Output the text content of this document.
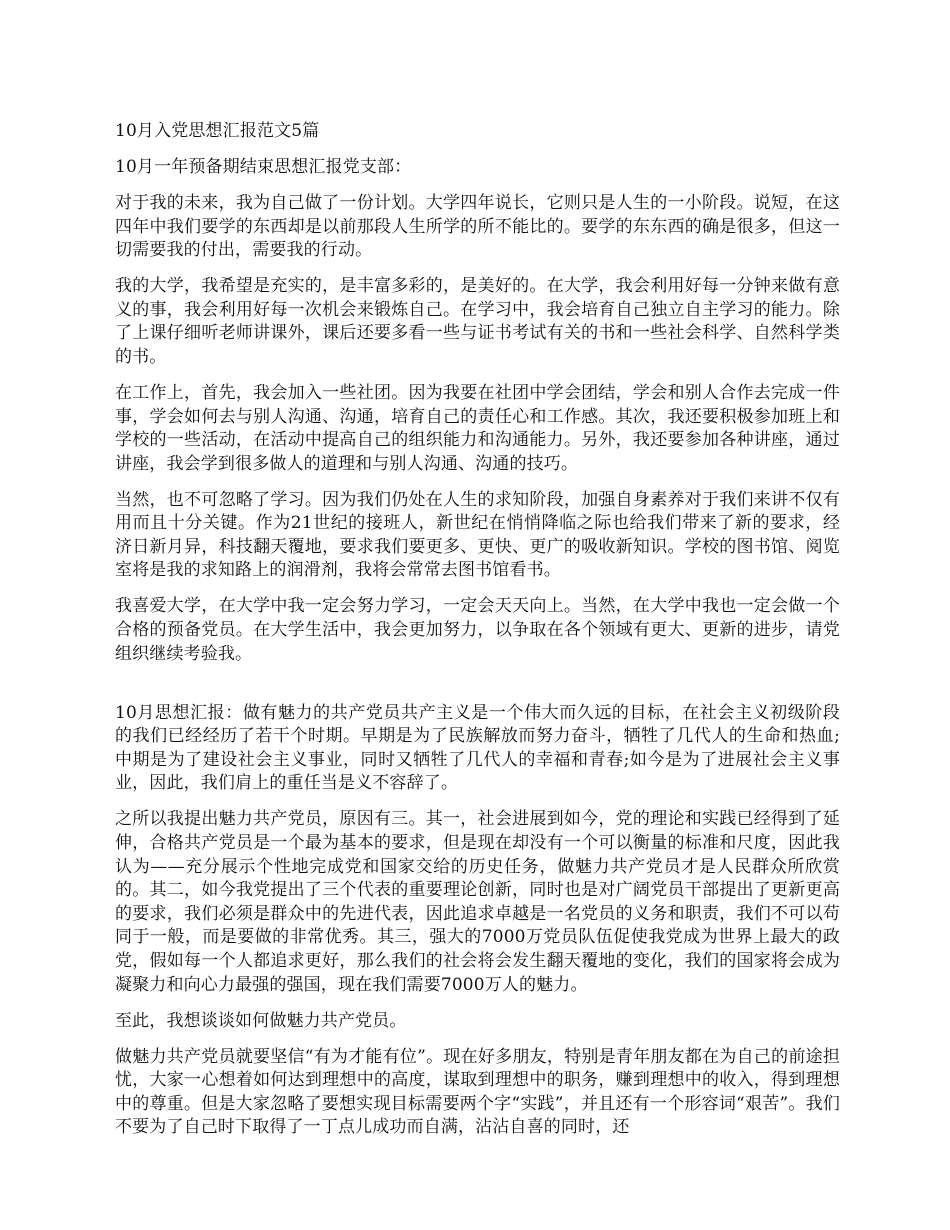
10月入党思想汇报范文5篇

10月一年预备期结束思想汇报党支部：

对于我的未来，我为自己做了一份计划。大学四年说长，它则只是人生的一小阶段。说短，在这四年中我们要学的东西却是以前那段人生所学的所不能比的。要学的东东西的确是很多，但这一切需要我的付出，需要我的行动。

我的大学，我希望是充实的，是丰富多彩的，是美好的。在大学，我会利用好每一分钟来做有意义的事，我会利用好每一次机会来锻炼自己。在学习中，我会培育自己独立自主学习的能力。除了上课仔细听老师讲课外，课后还要多看一些与证书考试有关的书和一些社会科学、自然科学类的书。

在工作上，首先，我会加入一些社团。因为我要在社团中学会团结，学会和别人合作去完成一件事，学会如何去与别人沟通、沟通，培育自己的责任心和工作感。其次，我还要积极参加班上和学校的一些活动，在活动中提高自己的组织能力和沟通能力。另外，我还要参加各种讲座，通过讲座，我会学到很多做人的道理和与别人沟通、沟通的技巧。

当然，也不可忽略了学习。因为我们仍处在人生的求知阶段，加强自身素养对于我们来讲不仅有用而且十分关键。作为21世纪的接班人，新世纪在悄悄降临之际也给我们带来了新的要求，经济日新月异，科技翻天覆地，要求我们要更多、更快、更广的吸收新知识。学校的图书馆、阅览室将是我的求知路上的润滑剂，我将会常常去图书馆看书。

我喜爱大学，在大学中我一定会努力学习，一定会天天向上。当然，在大学中我也一定会做一个合格的预备党员。在大学生活中，我会更加努力，以争取在各个领域有更大、更新的进步，请党组织继续考验我。

10月思想汇报：做有魅力的共产党员共产主义是一个伟大而久远的目标，在社会主义初级阶段的我们已经经历了若干个时期。早期是为了民族解放而努力奋斗，牺牲了几代人的生命和热血;中期是为了建设社会主义事业，同时又牺牲了几代人的幸福和青春;如今是为了进展社会主义事业，因此，我们肩上的重任当是义不容辞了。

之所以我提出魅力共产党员，原因有三。其一，社会进展到如今，党的理论和实践已经得到了延伸，合格共产党员是一个最为基本的要求，但是现在却没有一个可以衡量的标准和尺度，因此我认为——充分展示个性地完成党和国家交给的历史任务，做魅力共产党员才是人民群众所欣赏的。其二，如今我党提出了三个代表的重要理论创新，同时也是对广阔党员干部提出了更新更高的要求，我们必须是群众中的先进代表，因此追求卓越是一名党员的义务和职责，我们不可以苟同于一般，而是要做的非常优秀。其三，强大的7000万党员队伍促使我党成为世界上最大的政党，假如每一个人都追求更好，那么我们的社会将会发生翻天覆地的变化，我们的国家将会成为凝聚力和向心力最强的强国，现在我们需要7000万人的魅力。

至此，我想谈谈如何做魅力共产党员。

做魅力共产党员就要坚信“有为才能有位”。现在好多朋友，特别是青年朋友都在为自己的前途担忧，大家一心想着如何达到理想中的高度，谋取到理想中的职务，赚到理想中的收入，得到理想中的尊重。但是大家忽略了要想实现目标需要两个字“实践”，并且还有一个形容词“艰苦”。我们不要为了自己时下取得了一丁点儿成功而自满，沾沾自喜的同时，还
